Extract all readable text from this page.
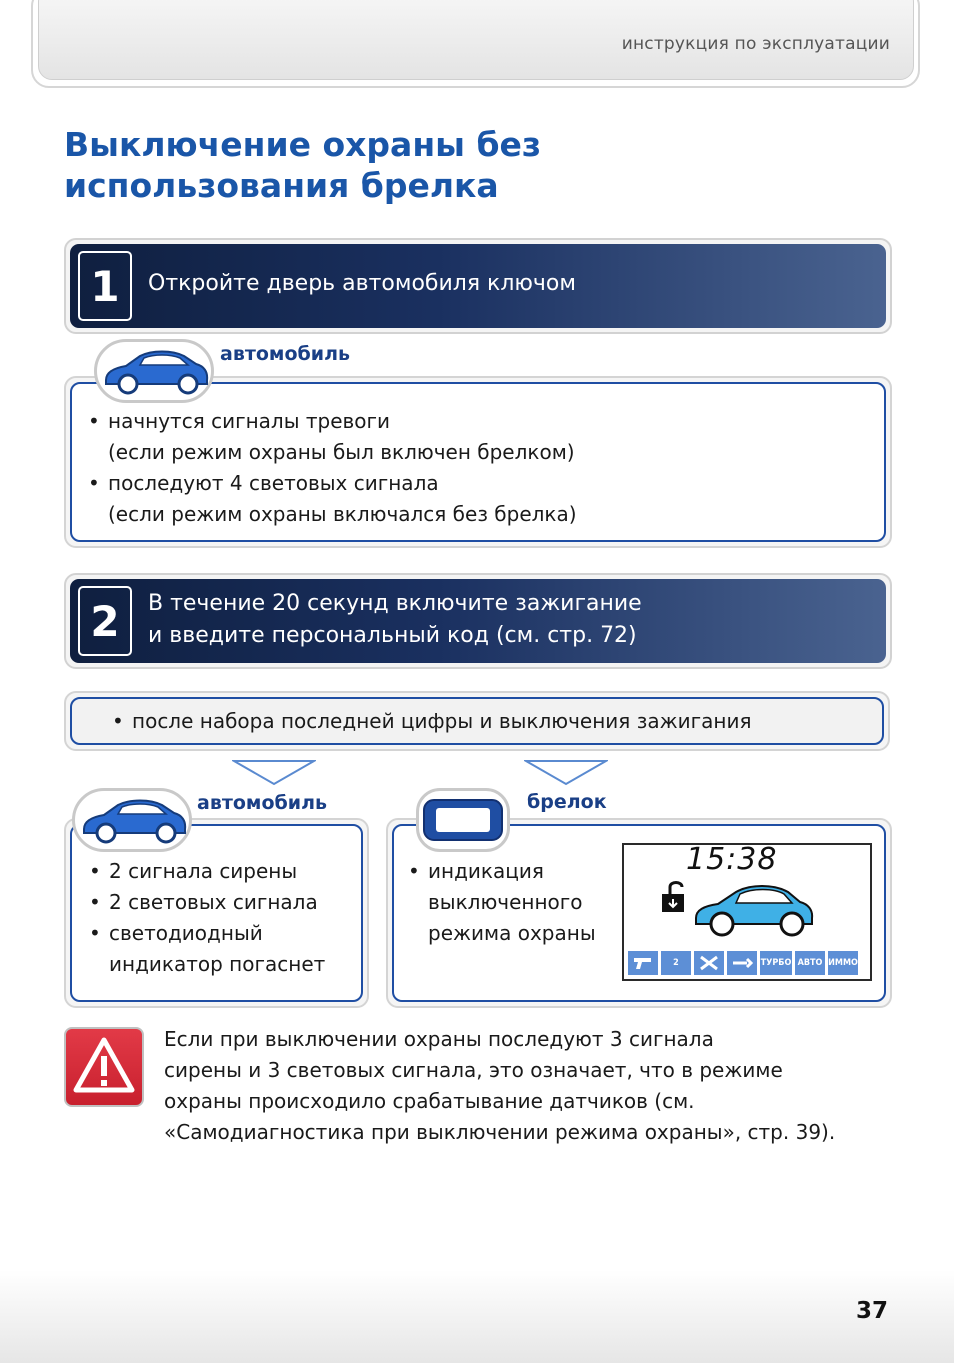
инструкция по эксплуатации
Выключение охраны без
использования брелка
1	Откройте дверь автомобиля ключом
автомобиль
• начнутся сигналы тревоги
(если режим охраны был включен брелком)
• последуют 4 световых сигнала
(если режим охраны включался без брелка)
2	В течение 20 секунд включите зажигание
и введите персональный код (см. стр. 72)
• после набора последней цифры и выключения зажигания
автомобиль
• 2 сигнала сирены
• 2 световых сигнала
• светодиодный
индикатор погаснет
брелок
• индикация
выключенного
режима охраны
15:38
2	ТУРБО АВТО ИММО
Если при выключении охраны последуют 3 сигнала
сирены и 3 световых сигнала, это означает, что в режиме
охраны происходило срабатывание датчиков (см.
«Самодиагностика при выключении режима охраны», стр. 39).
37
